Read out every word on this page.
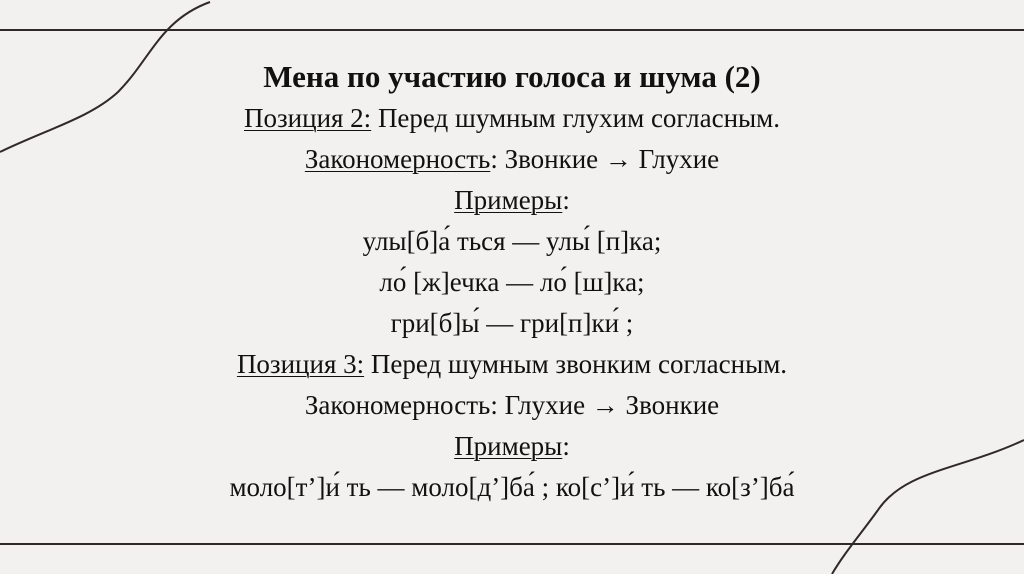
Мена по участию голоса и шума (2)
Позиция 2: Перед шумным глухим согласным.
Закономерность: Звонкие → Глухие
Примеры:
улы[б]а́ ться — улы́ [п]ка;
ло́ [ж]ечка — ло́ [ш]ка;
гри[б]ы́ — гри[п]ки́ ;
Позиция 3: Перед шумным звонким согласным.
Закономерность: Глухие → Звонкие
Примеры:
моло[т’]и́ ть — моло[д’]ба́ ; ко[с’]и́ ть — ко[з’]ба́
